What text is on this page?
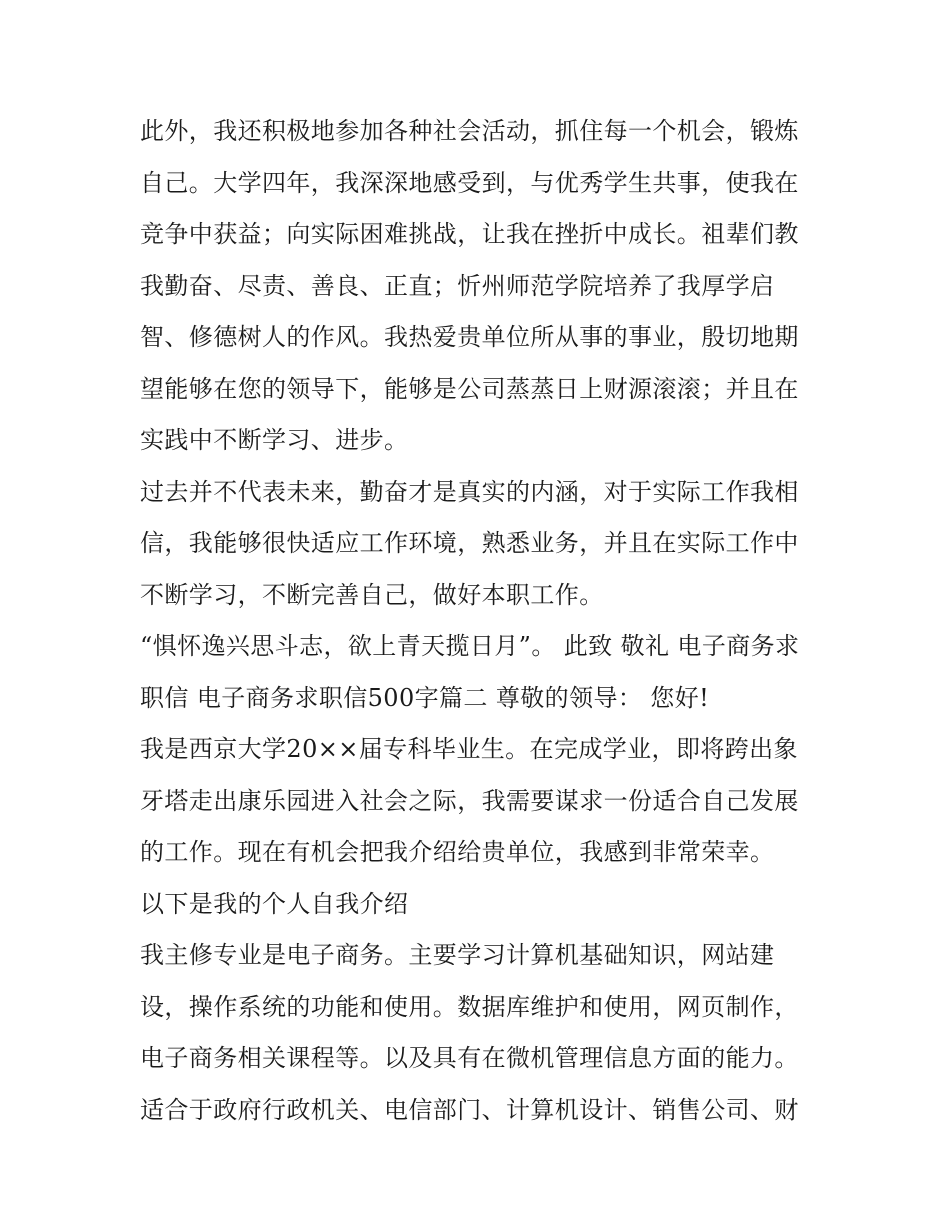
此外，我还积极地参加各种社会活动，抓住每一个机会，锻炼
自己。大学四年，我深深地感受到，与优秀学生共事，使我在
竞争中获益；向实际困难挑战，让我在挫折中成长。祖辈们教
我勤奋、尽责、善良、正直；忻州师范学院培养了我厚学启
智、修德树人的作风。我热爱贵单位所从事的事业，殷切地期
望能够在您的领导下，能够是公司蒸蒸日上财源滚滚；并且在
实践中不断学习、进步。
过去并不代表未来，勤奋才是真实的内涵，对于实际工作我相
信，我能够很快适应工作环境，熟悉业务，并且在实际工作中
不断学习，不断完善自己，做好本职工作。
“惧怀逸兴思斗志，欲上青天揽日月”。 此致 敬礼 电子商务求
职信 电子商务求职信500字篇二 尊敬的领导： 您好!
我是西京大学20××届专科毕业生。在完成学业，即将跨出象
牙塔走出康乐园进入社会之际，我需要谋求一份适合自己发展
的工作。现在有机会把我介绍给贵单位，我感到非常荣幸。
以下是我的个人自我介绍
我主修专业是电子商务。主要学习计算机基础知识，网站建
设，操作系统的功能和使用。数据库维护和使用，网页制作，
电子商务相关课程等。以及具有在微机管理信息方面的能力。
适合于政府行政机关、电信部门、计算机设计、销售公司、财
